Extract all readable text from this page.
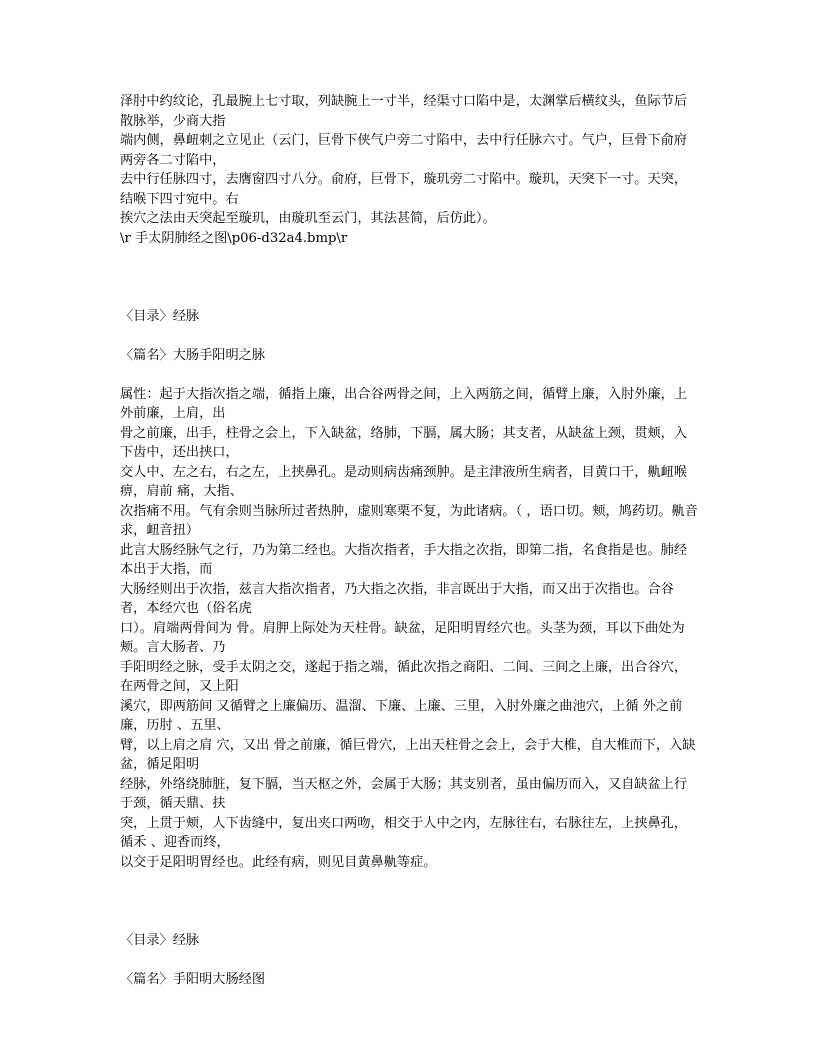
泽肘中约纹论，孔最腕上七寸取，列缺腕上一寸半，经渠寸口陷中是，太渊掌后横纹头，鱼际节后散脉举，少商大指
端内侧，鼻衄刺之立见止（云门，巨骨下侠气户旁二寸陷中，去中行任脉六寸。气户，巨骨下俞府两旁各二寸陷中，
去中行任脉四寸，去膺窗四寸八分。俞府，巨骨下，璇玑旁二寸陷中。璇玑，天突下一寸。天突，结喉下四寸宛中。右
挨穴之法由天突起至璇玑，由璇玑至云门，其法甚简，后仿此）。
\r 手太阴肺经之图\p06-d32a4.bmp\r
〈目录〉经脉
〈篇名〉大肠手阳明之脉
属性：起于大指次指之端，循指上廉，出合谷两骨之间，上入两筋之间，循臂上廉，入肘外廉，上 外前廉，上肩，出
骨之前廉，出手，柱骨之会上，下入缺盆，络肺，下膈，属大肠；其支者，从缺盆上颈，贯颊，入下齿中，还出挟口，
交人中、左之右，右之左，上挟鼻孔。是动则病齿痛颈肿。是主津液所生病者，目黄口干，鼽衄喉痹，肩前 痛，大指、
次指痛不用。气有余则当脉所过者热肿，虚则寒栗不复，为此诸病。（ ，语口切。颊，鸠药切。鼽音求，衄音扭）
此言大肠经脉气之行，乃为第二经也。大指次指者，手大指之次指，即第二指，名食指是也。肺经本出于大指，而
大肠经则出于次指，兹言大指次指者，乃大指之次指，非言既出于大指，而又出于次指也。合谷者，本经穴也（俗名虎
口）。肩端两骨间为 骨。肩胛上际处为天柱骨。缺盆，足阳明胃经穴也。头茎为颈，耳以下曲处为颊。言大肠者、乃
手阳明经之脉，受手太阴之交，遂起于指之端，循此次指之商阳、二间、三间之上廉，出合谷穴，在两骨之间，又上阳
溪穴，即两筋间 又循臂之上廉偏历、温溜、下廉、上廉、三里，入肘外廉之曲池穴，上循 外之前廉，历肘 、五里、
臂，以上肩之肩 穴，又出 骨之前廉，循巨骨穴，上出天柱骨之会上，会于大椎，自大椎而下，入缺盆，循足阳明
经脉，外络绕肺脏，复下膈，当天枢之外，会属于大肠；其支别者，虽由偏历而入，又自缺盆上行于颈，循天鼎、扶
突，上贯于颊，人下齿缝中，复出夹口两吻，相交于人中之内，左脉往右，右脉往左，上挟鼻孔，循禾 、迎香而终，
以交于足阳明胃经也。此经有病，则见目黄鼻鼽等症。
〈目录〉经脉
〈篇名〉手阳明大肠经图
